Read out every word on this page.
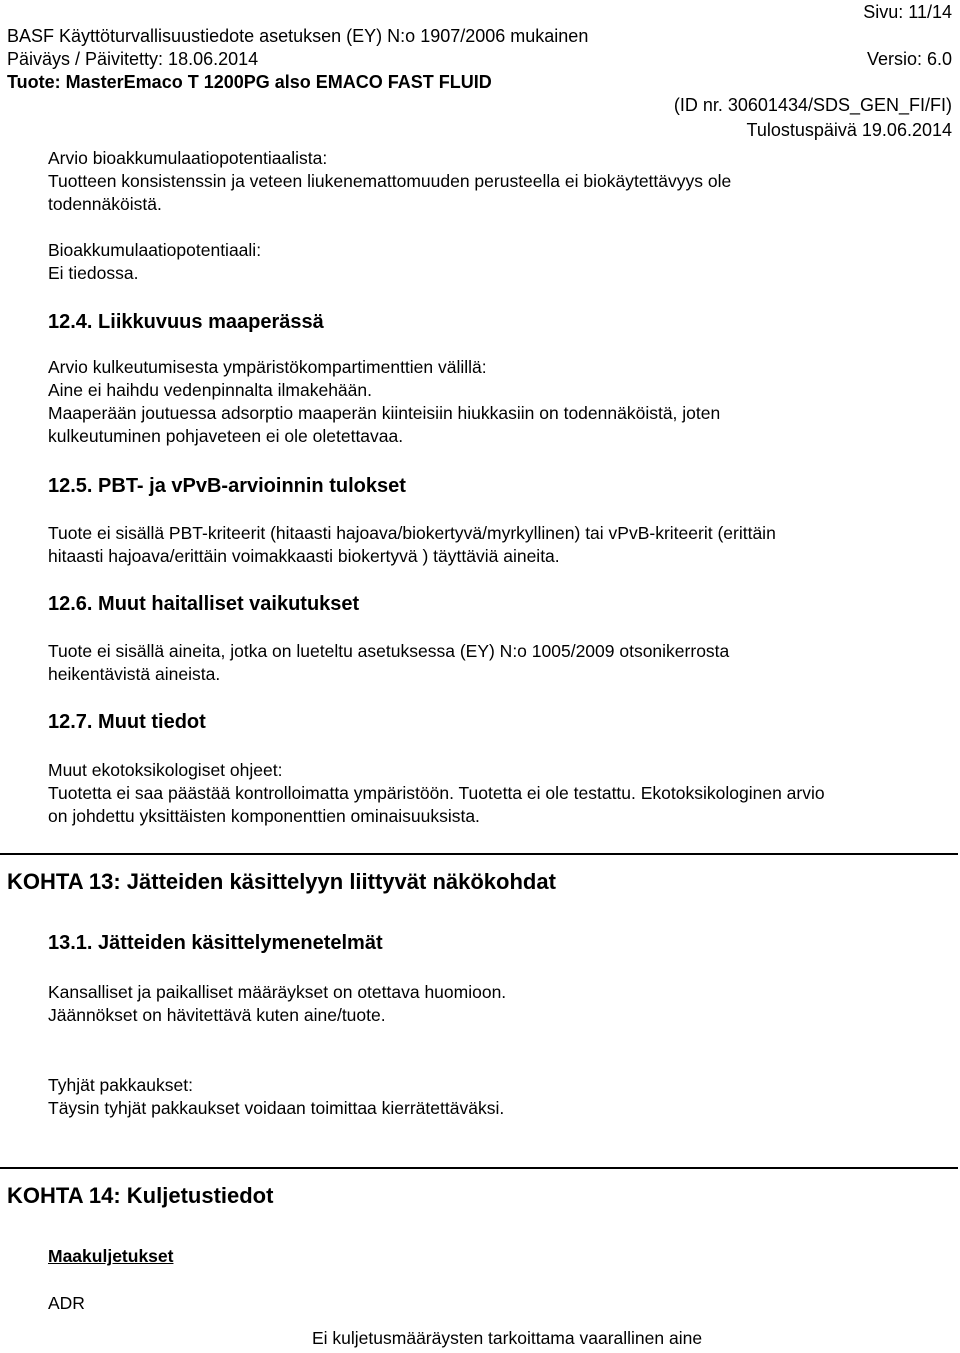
Sivu: 11/14
BASF Käyttöturvallisuustiedote asetuksen (EY) N:o 1907/2006 mukainen
Päiväys / Päivitetty: 18.06.2014	Versio: 6.0
Tuote: MasterEmaco T 1200PG also EMACO FAST FLUID
(ID nr. 30601434/SDS_GEN_FI/FI)
Tulostuspäivä 19.06.2014
Arvio bioakkumulaatiopotentiaalista:
Tuotteen konsistenssin ja veteen liukenemattomuuden perusteella ei biokäytettävyys ole
todennäköistä.
Bioakkumulaatiopotentiaali:
Ei tiedossa.
12.4. Liikkuvuus maaperässä
Arvio kulkeutumisesta ympäristökompartimenttien välillä:
Aine ei haihdu vedenpinnalta ilmakehään.
Maaperään joutuessa adsorptio maaperän kiinteisiin hiukkasiin on todennäköistä, joten
kulkeutuminen pohjaveteen ei ole oletettavaa.
12.5. PBT- ja vPvB-arvioinnin tulokset
Tuote ei sisällä PBT-kriteerit (hitaasti hajoava/biokertyvä/myrkyllinen) tai vPvB-kriteerit (erittäin
hitaasti hajoava/erittäin voimakkaasti biokertyvä ) täyttäviä aineita.
12.6. Muut haitalliset vaikutukset
Tuote ei sisällä aineita, jotka on lueteltu asetuksessa (EY) N:o 1005/2009 otsonikerrosta
heikentävistä aineista.
12.7. Muut tiedot
Muut ekotoksikologiset ohjeet:
Tuotetta ei saa päästää kontrolloimatta ympäristöön. Tuotetta ei ole testattu. Ekotoksikologinen arvio
on johdettu yksittäisten komponenttien ominaisuuksista.
KOHTA 13: Jätteiden käsittelyyn liittyvät näkökohdat
13.1. Jätteiden käsittelymenetelmät
Kansalliset ja paikalliset määräykset on otettava huomioon.
Jäännökset on hävitettävä kuten aine/tuote.
Tyhjät pakkaukset:
Täysin tyhjät pakkaukset voidaan toimittaa kierrätettäväksi.
KOHTA 14: Kuljetustiedot
Maakuljetukset
ADR
Ei kuljetusmääräysten tarkoittama vaarallinen aine
